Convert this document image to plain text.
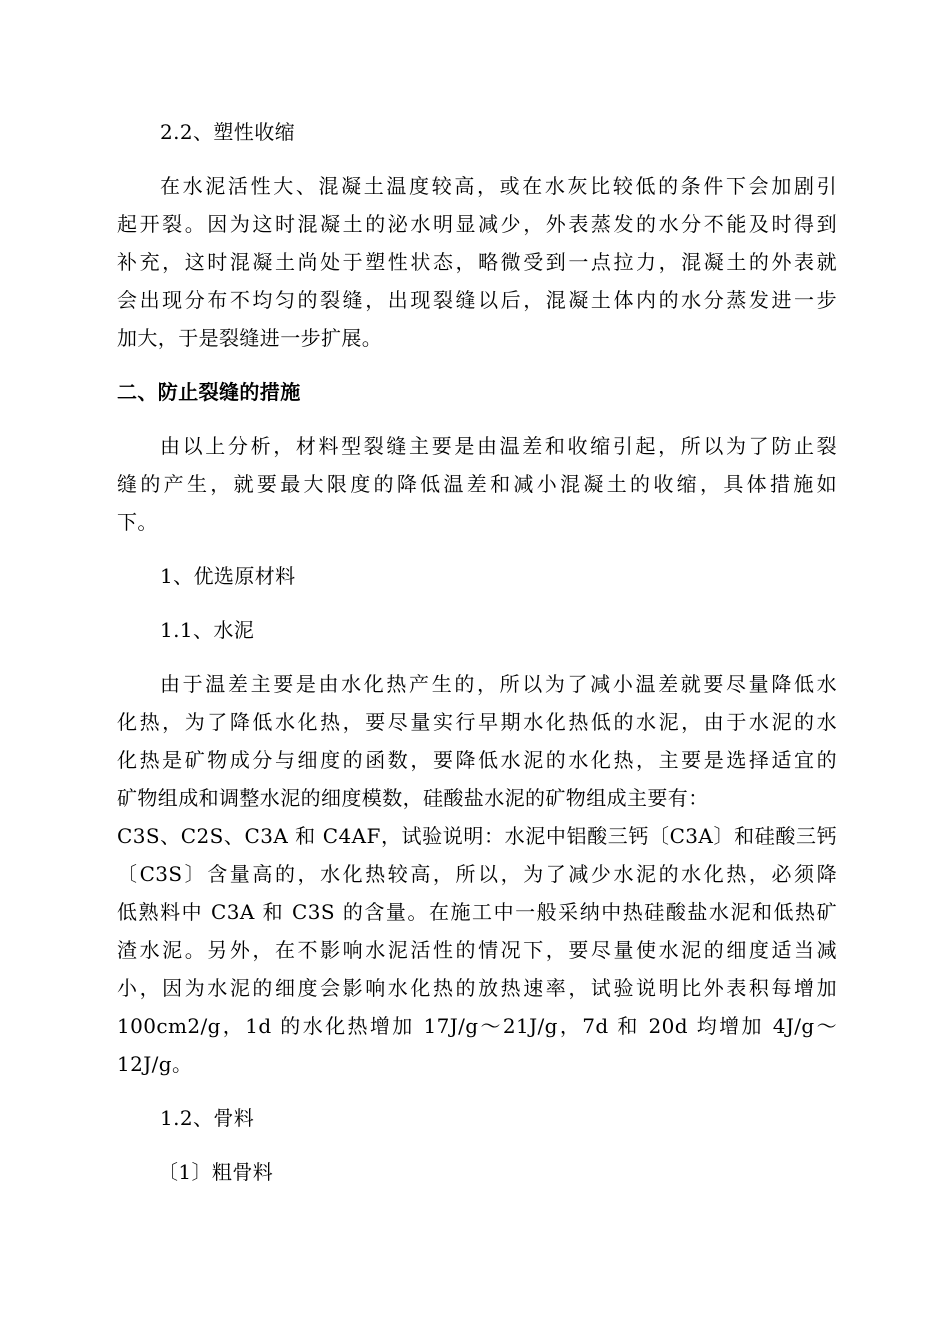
2.2、塑性收缩
在水泥活性大、混凝土温度较高，或在水灰比较低的条件下会加剧引
起开裂。因为这时混凝土的泌水明显减少，外表蒸发的水分不能及时得到
补充，这时混凝土尚处于塑性状态，略微受到一点拉力，混凝土的外表就
会出现分布不均匀的裂缝，出现裂缝以后，混凝土体内的水分蒸发进一步
加大，于是裂缝进一步扩展。
二、防止裂缝的措施
由以上分析，材料型裂缝主要是由温差和收缩引起，所以为了防止裂
缝的产生，就要最大限度的降低温差和减小混凝土的收缩，具体措施如
下。
1、优选原材料
1.1、水泥
由于温差主要是由水化热产生的，所以为了减小温差就要尽量降低水
化热，为了降低水化热，要尽量实行早期水化热低的水泥，由于水泥的水
化热是矿物成分与细度的函数，要降低水泥的水化热，主要是选择适宜的
矿物组成和调整水泥的细度模数，硅酸盐水泥的矿物组成主要有：
C3S、C2S、C3A 和 C4AF，试验说明：水泥中铝酸三钙〔C3A〕和硅酸三钙
〔C3S〕含量高的，水化热较高，所以，为了减少水泥的水化热，必须降
低熟料中 C3A 和 C3S 的含量。在施工中一般采纳中热硅酸盐水泥和低热矿
渣水泥。另外，在不影响水泥活性的情况下，要尽量使水泥的细度适当减
小，因为水泥的细度会影响水化热的放热速率，试验说明比外表积每增加
100cm2/g，1d 的水化热增加 17J/g～21J/g，7d 和 20d 均增加 4J/g～
12J/g。
1.2、骨料
〔1〕粗骨料
